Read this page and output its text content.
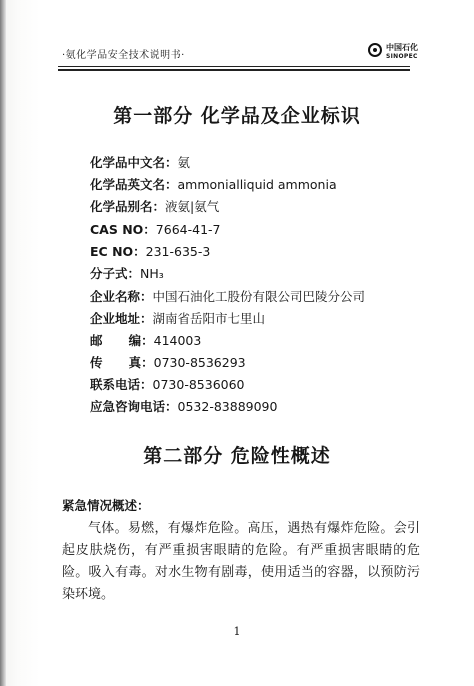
·氨化学品安全技术说明书·
中国石化
SINOPEC
第一部分 化学品及企业标识
化学品中文名：氨
化学品英文名：ammonialliquid ammonia
化学品别名：液氨|氨气
CAS NO：7664-41-7
EC NO：231-635-3
分子式：NH₃
企业名称：中国石油化工股份有限公司巴陵分公司
企业地址：湖南省岳阳市七里山
邮      编：414003
传      真：0730-8536293
联系电话：0730-8536060
应急咨询电话：0532-83889090
第二部分 危险性概述
紧急情况概述：
气体。易燃，有爆炸危险。高压，遇热有爆炸危险。会引起皮肤烧伤，有严重损害眼睛的危险。有严重损害眼睛的危险。吸入有毒。对水生物有剧毒，使用适当的容器，以预防污染环境。
1
